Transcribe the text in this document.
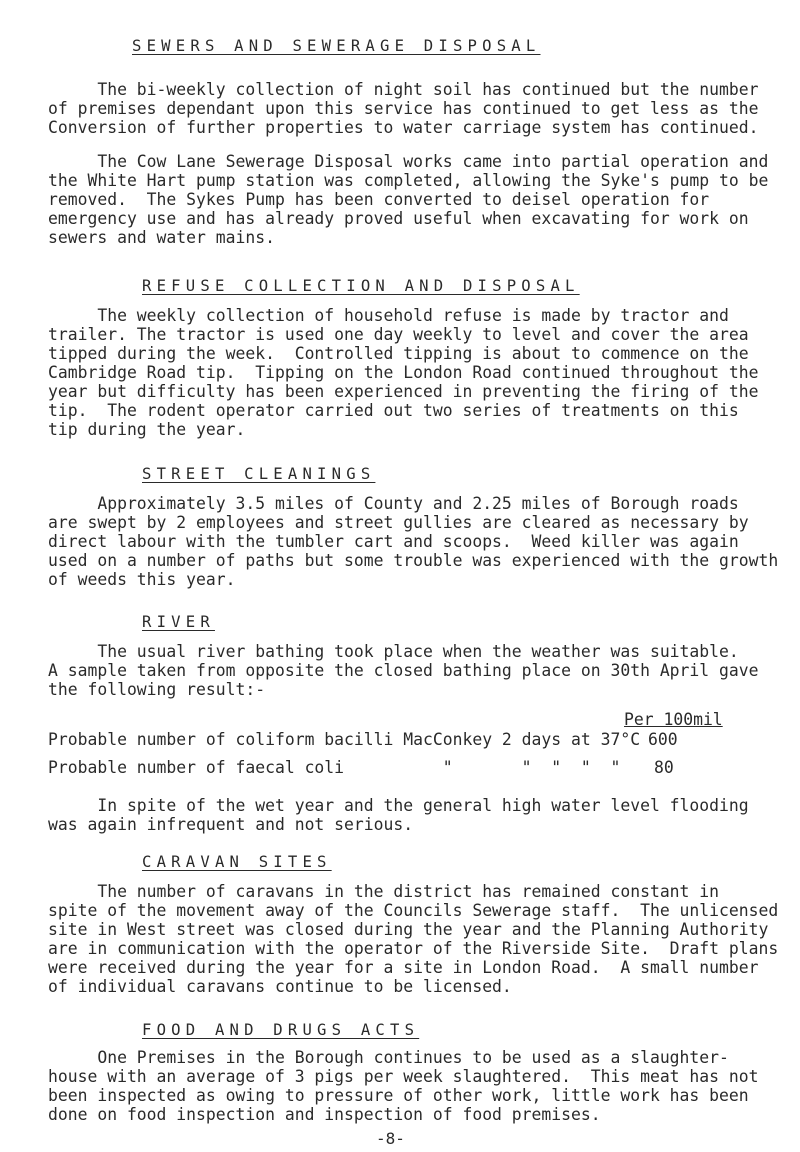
SEWERS AND SEWERAGE DISPOSAL
The bi-weekly collection of night soil has continued but the number
of premises dependant upon this service has continued to get less as the
Conversion of further properties to water carriage system has continued.
The Cow Lane Sewerage Disposal works came into partial operation and
the White Hart pump station was completed, allowing the Syke's pump to be
removed.  The Sykes Pump has been converted to deisel operation for
emergency use and has already proved useful when excavating for work on
sewers and water mains.
REFUSE COLLECTION AND DISPOSAL
The weekly collection of household refuse is made by tractor and
trailer. The tractor is used one day weekly to level and cover the area
tipped during the week.  Controlled tipping is about to commence on the
Cambridge Road tip.  Tipping on the London Road continued throughout the
year but difficulty has been experienced in preventing the firing of the
tip.  The rodent operator carried out two series of treatments on this
tip during the year.
STREET CLEANINGS
Approximately 3.5 miles of County and 2.25 miles of Borough roads
are swept by 2 employees and street gullies are cleared as necessary by
direct labour with the tumbler cart and scoops.  Weed killer was again
used on a number of paths but some trouble was experienced with the growth
of weeds this year.
RIVER
The usual river bathing took place when the weather was suitable.
A sample taken from opposite the closed bathing place on 30th April gave
the following result:-
Per 100mil

Probable number of coliform bacilli MacConkey 2 days at 37°C

600

Probable number of faecal coli          "       "  "  "  "

80

In spite of the wet year and the general high water level flooding
was again infrequent and not serious.
CARAVAN SITES
The number of caravans in the district has remained constant in
spite of the movement away of the Councils Sewerage staff.  The unlicensed
site in West street was closed during the year and the Planning Authority
are in communication with the operator of the Riverside Site.  Draft plans
were received during the year for a site in London Road.  A small number
of individual caravans continue to be licensed.
FOOD AND DRUGS ACTS
One Premises in the Borough continues to be used as a slaughter-
house with an average of 3 pigs per week slaughtered.  This meat has not
been inspected as owing to pressure of other work, little work has been
done on food inspection and inspection of food premises.
-8-
